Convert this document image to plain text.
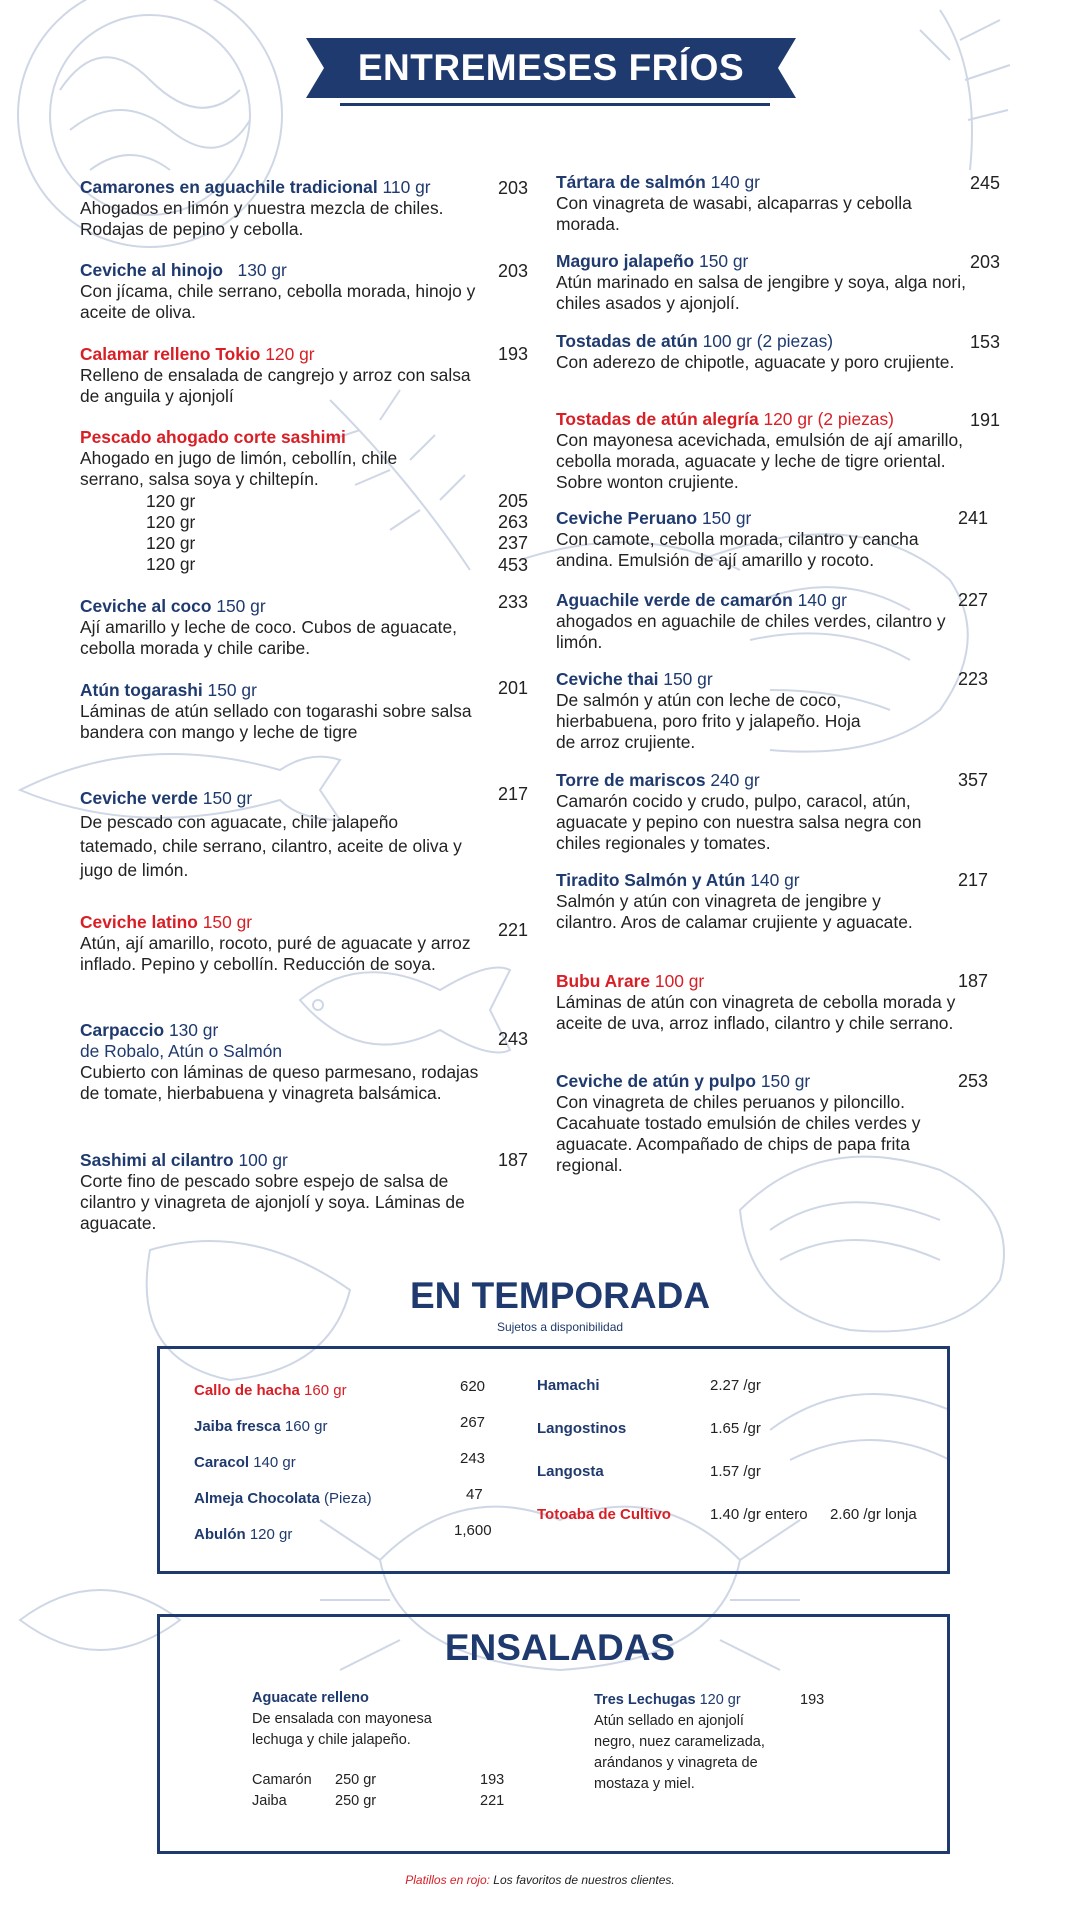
ENTREMESES FRÍOS
Camarones en aguachile tradicional 110 gr
Ahogados en limón y nuestra mezcla de chiles. Rodajas de pepino y cebolla.
203
Ceviche al hinojo 130 gr
Con jícama, chile serrano, cebolla morada, hinojo y aceite de oliva.
203
Calamar relleno Tokio 120 gr
Relleno de ensalada de cangrejo y arroz con salsa de anguila y ajonjolí
193
Pescado ahogado corte sashimi
Ahogado en jugo de limón, cebollín, chile serrano, salsa soya y chiltepín.
120 gr	205
120 gr	263
120 gr	237
120 gr	453
Ceviche al coco 150 gr
Ají amarillo y leche de coco. Cubos de aguacate, cebolla morada y chile caribe.
233
Atún togarashi 150 gr
Láminas de atún sellado con togarashi sobre salsa bandera con mango y leche de tigre
201
Ceviche verde 150 gr
De pescado con aguacate, chile jalapeño tatemado, chile serrano, cilantro, aceite de oliva y jugo de limón.
217
Ceviche latino 150 gr
Atún, ají amarillo, rocoto, puré de aguacate y arroz inflado. Pepino y cebollín. Reducción de soya.
221
Carpaccio 130 gr
de Robalo, Atún o Salmón
Cubierto con láminas de queso parmesano, rodajas de tomate, hierbabuena y vinagreta balsámica.
243
Sashimi al cilantro 100 gr
Corte fino de pescado sobre espejo de salsa de cilantro y vinagreta de ajonjolí y soya. Láminas de aguacate.
187
Tártara de salmón 140 gr
Con vinagreta de wasabi, alcaparras y cebolla morada.
245
Maguro jalapeño 150 gr
Atún marinado en salsa de jengibre y soya, alga nori, chiles asados y ajonjolí.
203
Tostadas de atún 100 gr (2 piezas)
Con aderezo de chipotle, aguacate y poro crujiente.
153
Tostadas de atún alegría 120 gr (2 piezas)
Con mayonesa acevichada, emulsión de ají amarillo, cebolla morada, aguacate y leche de tigre oriental. Sobre wonton crujiente.
191
Ceviche Peruano 150 gr
Con camote, cebolla morada, cilantro y cancha andina. Emulsión de ají amarillo y rocoto.
241
Aguachile verde de camarón 140 gr
ahogados en aguachile de chiles verdes, cilantro y limón.
227
Ceviche thai 150 gr
De salmón y atún con leche de coco, hierbabuena, poro frito y jalapeño. Hoja de arroz crujiente.
223
Torre de mariscos 240 gr
Camarón cocido y crudo, pulpo, caracol, atún, aguacate y pepino con nuestra salsa negra con chiles regionales y tomates.
357
Tiradito Salmón y Atún 140 gr
Salmón y atún con vinagreta de jengibre y cilantro. Aros de calamar crujiente y aguacate.
217
Bubu Arare 100 gr
Láminas de atún con vinagreta de cebolla morada y aceite de uva, arroz inflado, cilantro y chile serrano.
187
Ceviche de atún y pulpo 150 gr
Con vinagreta de chiles peruanos y piloncillo. Cacahuate tostado emulsión de chiles verdes y aguacate. Acompañado de chips de papa frita regional.
253
EN TEMPORADA
Sujetos a disponibilidad
Callo de hacha 160 gr	620
Jaiba fresca 160 gr	267
Caracol 140 gr	243
Almeja Chocolata (Pieza)	47
Abulón 120 gr	1,600
Hamachi	2.27 /gr
Langostinos	1.65 /gr
Langosta	1.57 /gr
Totoaba de Cultivo	1.40 /gr entero 2.60 /gr lonja
ENSALADAS
Aguacate relleno
De ensalada con mayonesa
lechuga y chile jalapeño.
Camarón 250 gr	193
Jaiba	250 gr	221
Tres Lechugas 120 gr	193
Atún sellado en ajonjolí
negro, nuez caramelizada,
arándanos y vinagreta de
mostaza y miel.
Platillos en rojo: Los favoritos de nuestros clientes.
